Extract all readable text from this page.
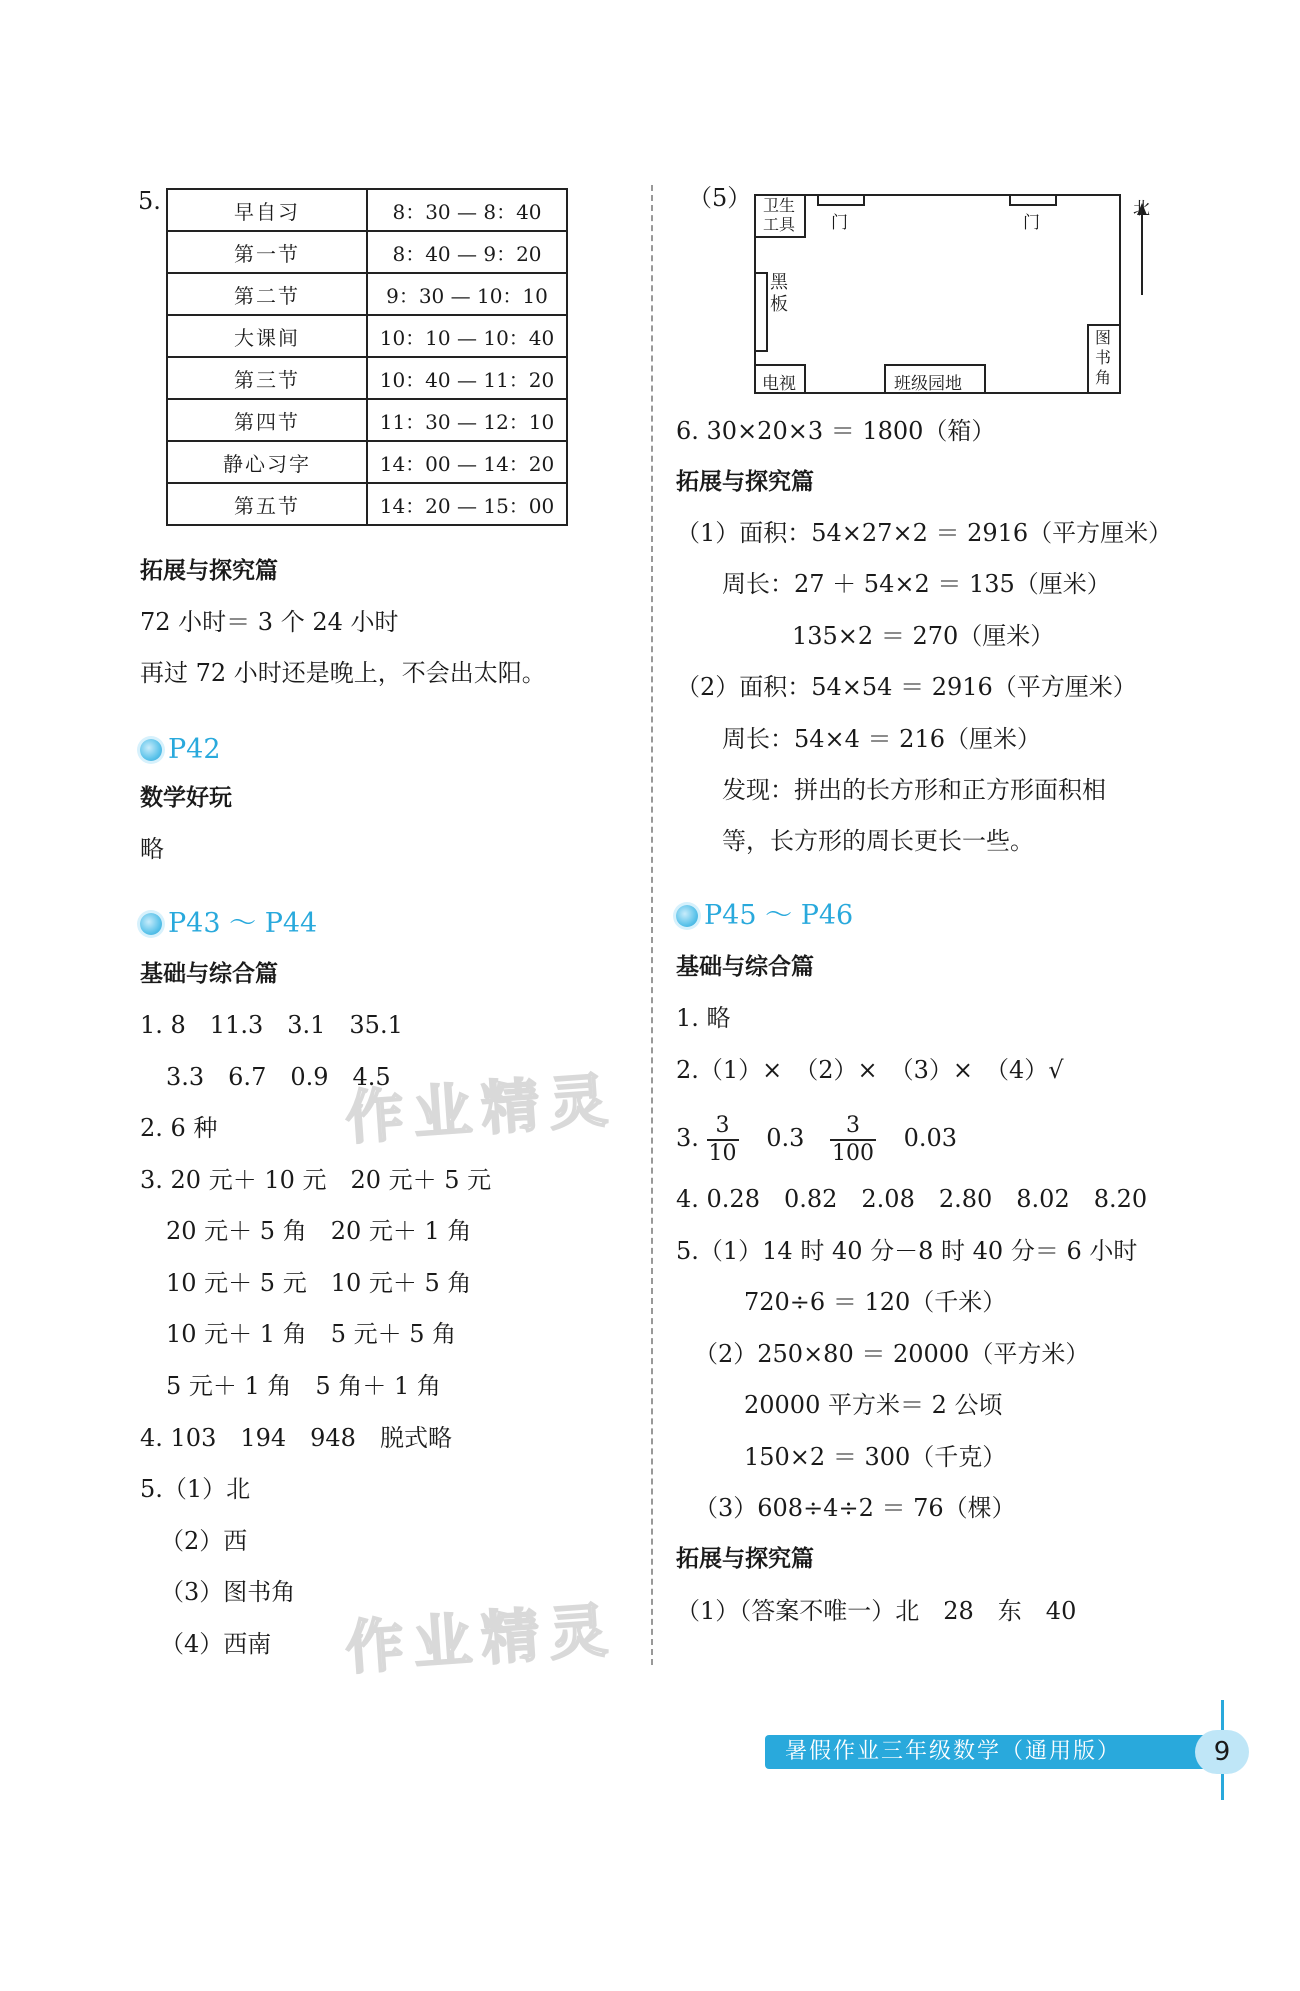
5.	早自习	8：30 — 8：40
第一节	8：40 — 9：20
第二节	9：30 — 10：10
大课间	10：10 — 10：40
第三节	10：40 — 11：20
第四节	11：30 — 12：10
静心习字	14：00 — 14：20
第五节	14：20 — 15：00
拓展与探究篇
72 小时＝ 3 个 24 小时
再过 72 小时还是晚上，不会出太阳。
P42
数学好玩
略
P43 ～ P44
基础与综合篇
1. 8　11.3　3.1　35.1
3.3　6.7　0.9　4.5
2. 6 种
3. 20 元＋ 10 元　20 元＋ 5 元
20 元＋ 5 角　20 元＋ 1 角
10 元＋ 5 元　10 元＋ 5 角
10 元＋ 1 角　5 元＋ 5 角
5 元＋ 1 角　5 角＋ 1 角
4. 103　194　948　脱式略
5.（1）北
（2）西
（3）图书角
（4）西南
作业精灵
作业精灵
（5） 卫生工具 门	门
北
黑板
图书角
电视	班级园地
6. 30×20×3 ＝ 1800（箱）
拓展与探究篇
（1）面积：54×27×2 ＝ 2916（平方厘米）
周长：27 ＋ 54×2 ＝ 135（厘米）
135×2 ＝ 270（厘米）
（2）面积：54×54 ＝ 2916（平方厘米）
周长：54×4 ＝ 216（厘米）
发现：拼出的长方形和正方形面积相
等，长方形的周长更长一些。
P45 ～ P46
基础与综合篇
1. 略
2.（1）×　（2）×　（3）×　（4）√
3. $\frac{3}{10} 0.3 \frac{3}{100} 0.03$
4. 0.28　0.82　2.08　2.80　8.02　8.20
5.（1）14 时 40 分－8 时 40 分＝ 6 小时
720÷6 ＝ 120（千米）
（2）250×80 ＝ 20000（平方米）
20000 平方米＝ 2 公顷
150×2 ＝ 300（千克）
（3）608÷4÷2 ＝ 76（棵）
拓展与探究篇
（1）（答案不唯一）北　28　东　40
暑假作业三年级数学（通用版）	9
